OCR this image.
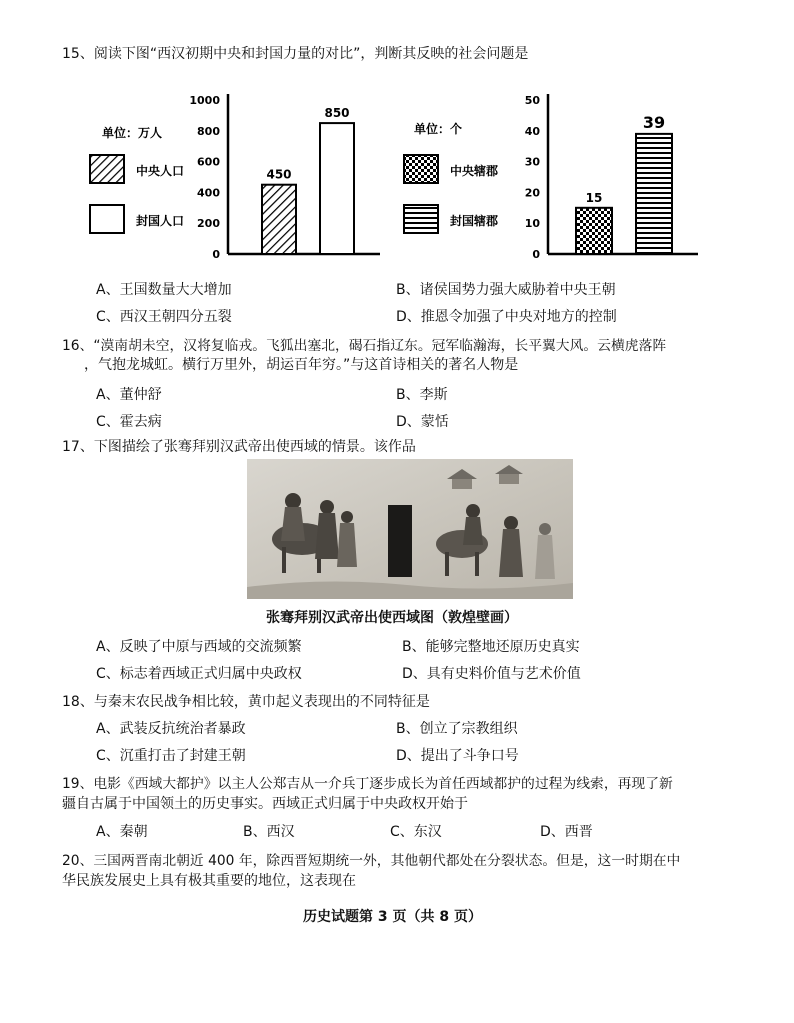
15、阅读下图“西汉初期中央和封国力量的对比”，判断其反映的社会问题是
0
200
400
600
800
1000
单位：万人
中央人口
封国人口
450
850
0
10
20
30
40
50
单位：个
中央辖郡
封国辖郡
15
39
A、王国数量大大增加	B、诸侯国势力强大威胁着中央王朝
C、西汉王朝四分五裂	D、推恩令加强了中央对地方的控制
16、“漠南胡未空，汉将复临戎。飞狐出塞北，碣石指辽东。冠军临瀚海，长平翼大风。云横虎落阵
，气抱龙城虹。横行万里外，胡运百年穷。”与这首诗相关的著名人物是
A、董仲舒	B、李斯
C、霍去病	D、蒙恬
17、下图描绘了张骞拜别汉武帝出使西域的情景。该作品
张骞拜别汉武帝出使西域图（敦煌壁画）
A、反映了中原与西域的交流频繁	B、能够完整地还原历史真实
C、标志着西域正式归属中央政权	D、具有史料价值与艺术价值
18、与秦末农民战争相比较，黄巾起义表现出的不同特征是
A、武装反抗统治者暴政	B、创立了宗教组织
C、沉重打击了封建王朝	D、提出了斗争口号
19、电影《西域大都护》以主人公郑吉从一介兵丁逐步成长为首任西域都护的过程为线索，再现了新
疆自古属于中国领土的历史事实。西域正式归属于中央政权开始于
A、秦朝	B、西汉	C、东汉	D、西晋
20、三国两晋南北朝近 400 年，除西晋短期统一外，其他朝代都处在分裂状态。但是，这一时期在中
华民族发展史上具有极其重要的地位，这表现在
历史试题第 3 页（共 8 页）
